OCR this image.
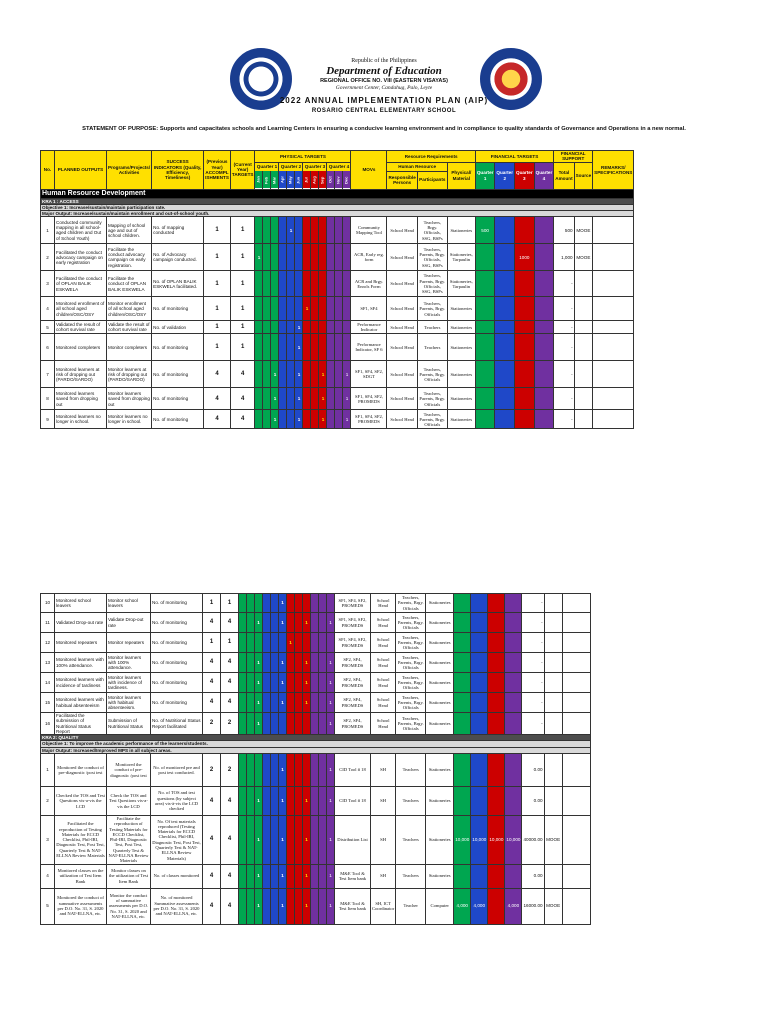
Republic of the Philippines
Department of Education
REGIONAL OFFICE NO. VIII (EASTERN VISAYAS)
Government Center, Candahug, Palo, Leyte
2022 ANNUAL IMPLEMENTATION PLAN (AIP)
ROSARIO CENTRAL ELEMENTARY SCHOOL
STATEMENT OF PURPOSE: Supports and capacitates schools and Learning Centers in ensuring a conducive learning environment and in compliance to quality standards of Governance and Operations in a new normal.
No.	PLANNED OUTPUTS	Programs/Projects/ Activities	SUCCESS INDICATORS (Quality, Efficiency, Timeliness)	(Previous Year) ACCOMPL ISHMENTS	(Current Year) TARGETS	PHYSICAL TARGETS												MOVs	Resource Requirements			FINANCIAL TARGETS				FINANCIAL SUPPORT		REMARKS/ SPECIFICATIONS
						Quarter 1			Quarter 2			Quarter 3			Quarter 4				Human Resource		Physical/ Material	Quarter 1	Quarter 2	Quarter 3	Quarter 4	Total Amount	Source	
						Jan	Feb	Mar	Apr	May	Jun	Jul	Aug	Sep	Oct	Nov	Dec		Responsible Persons	Participants								
Human Resource Development																												
KRA 1 : ACCESS																												
Objective 1: Increase/sustain/maintain participation rate.																												
Major Output: Increase/sustain/maintain enrollment and out-of-school youth.																												
1	Conducted community mapping in all school-aged children and Out of School Youth)	Mapping of school age and out of school children.	No. of mapping conducted	1	1					1								Community Mapping Tool	School Head	Teachers, Brgy. Officials, SSG, BSPs	Stationeries	500				500	MOOE	
2	Facilitated the conduct advocacy campaign on early registration	Facilitate the conduct advocacy campaign on early registration.	No. of Advocacy campaign conducted.	1	1	1												ACR, Early reg. form	School Head	Teachers, Parents, Brgy. Officials, SSG, BSPs	Stationeries, Tarpaulin			1000		1,000	MOOE	
3	Facilitated the conduct of OPLAN BALIK ESKWELA	Facilitate the conduct of OPLAN BALIK ESKWELA	No. of OPLAN BALIK ESKWELA facilitated.	1	1													ACR and Brgy. Enrols Form	School Head	Teachers, Parents, Brgy. Officials, SSG, BSPs	Stationeries, Tarpaulin					-		
4	Monitored enrollment of all school aged children/OSC/OSY	Monitor enrollment of all school aged children/OSC/OSY	No. of monitoring	1	1							1						SF1, SF4	School Head	Teachers, Parents, Brgy. Officials	Stationeries					-		
5	Validated the result of cohort survival rate	Validate the result of cohort survival rate	No. of validation	1	1						1							Performance Indicator	School Head	Teachers	Stationeries					-		
6	Monitored completers	Monitor completers	No. of monitoring	1	1						1							Performance Indicator, SF 6	School Head	Teachers	Stationeries					-		
7	Monitored learners at risk of dropping out (PARDO/SARDO)	Monitor learners at risk of dropping out (PARDO/SARDO)	No. of monitoring	4	4			1			1			1			1	SF1, SF4, SF2, SDGT	School Head	Teachers, Parents, Brgy. Officials	Stationeries					-		
8	Monitored learners saved from dropping out	Monitor learners saved from dropping out	No. of monitoring	4	4			1			1			1			1	SF1, SF4, SF2, PROMEDS	School Head	Teachers, Parents, Brgy. Officials	Stationeries					-		
9	Monitored learners no longer in school.	Monitor learners no longer in school.	No. of monitoring	4	4			1			1			1			1	SF1, SF4, SF2, PROMEDS	School Head	Teachers, Parents, Brgy. Officials	Stationeries					-		
10	Monitored school leavers	Monitor school leavers	No. of monitoring	1	1						1							SF1, SF4, SF2, PROMEDS	School Head	Teachers, Parents, Brgy. Officials	Stationeries					-		
11	Validated Drop-out rate	Validate Drop-out rate	No. of monitoring	4	4			1			1			1			1	SF1, SF4, SF2, PROMEDS	School Head	Teachers, Parents, Brgy. Officials	Stationeries					-		
12	Monitored repeaters	Monitor repeaters	No. of monitoring	1	1							1						SF1, SF4, SF2, PROMEDS	School Head	Teachers, Parents, Brgy. Officials	Stationeries					-		
13	Monitored learners with 100% attendance.	Monitor learners with 100% attendance.	No. of monitoring	4	4			1			1			1			1	SF2, SF4, PROMEDS	School Head	Teachers, Parents, Brgy. Officials	Stationeries					-		
14	Monitored learners with incidence of tardiness	Monitor learners with incidence of tardiness.	No. of monitoring	4	4			1			1			1			1	SF2, SF4, PROMEDS	School Head	Teachers, Parents, Brgy. Officials	Stationeries					-		
15	Monitored learners with habitual absenteeism	Monitor learners with habitual absenteeism.	No. of monitoring	4	4			1			1			1			1	SF2, SF4, PROMEDS	School Head	Teachers, Parents, Brgy. Officials	Stationeries					-		
16	Facilitated the submission of Nutritional Status Report	Submission of Nutritional Status	No. of Nutritional Status Report facilitated	2	2			1									1	SF2, SF4, PROMEDS	School Head	Teachers, Parents, Brgy. Officials	Stationeries					-		
KRA 2: QUALITY																												
Objective 1: To improve the academic performance of the learners/students.																												
Major Output: Increased/Improved MPS in all subject areas.																												
1	Monitored the conduct of pre-diagnostic /post test	Monitored the conduct of pre-diagnostic /post test	No. of monitored pre and post test conducted.	2	2						1						1	CID Tool # 18	SH	Teachers	Stationeries					0.00		
2	Checked the TOS and Test Questions vis-a-vis the LCD	Check the TOS and Test Questions vis-a-vis the LCD	No. of TOS and test questions (by subject area) vis-à-vis the LCD checked	4	4			1			1			1			1	CID Tool # 18	SH	Teachers	Stationeries					0.00		
3	Facilitated the reproduction of Testing Materials for ECCD Checklist, Phil-IRI, Diagnostic Test, Post Test, Quarterly Test & NAT-ELLNA Review Materials	Facilitate the reproduction of Testing Materials for ECCD Checklist, Phil-IRI, Diagnostic Test, Post Test, Quarterly Test & NAT-ELLNA Review Materials	No. Of test materials reproduced (Testing Materials for ECCD Checklist, Phil-IRI, Diagnostic Test, Post Test, Quarterly Test & NAT-ELLNA Review Materials)	4	4			1			1			1			1	Distribution List	SH	Teachers	Stationeries	10,000	10,000	10,000	10,000	40000.00	MOOE	
4	Monitored classes on the utilization of Test Item Bank	Monitor classes on the utilization of Test Item Bank	No. of classes monitored	4	4			1			1			1			1	M&E Tool & Test Item bank	SH	Teachers	Stationeries					0.00		
5	Monitored the conduct of summative assessments per D.O. No. 31, S. 2020 and NAT-ELLNA, etc.	Monitor the conduct of summative assessments per D.O. No. 31, S. 2020 and NAT-ELLNA, etc.	No. of monitored Summative assessments per D.O. No. 31, S. 2020 and NAT-ELLNA, etc.	4	4			1			1			1			1	M&E Tool & Test Item bank	SH, ICT Coordinator	Teacher	Computer	4,000	4,000		4,000	16000.00	MOOE	
